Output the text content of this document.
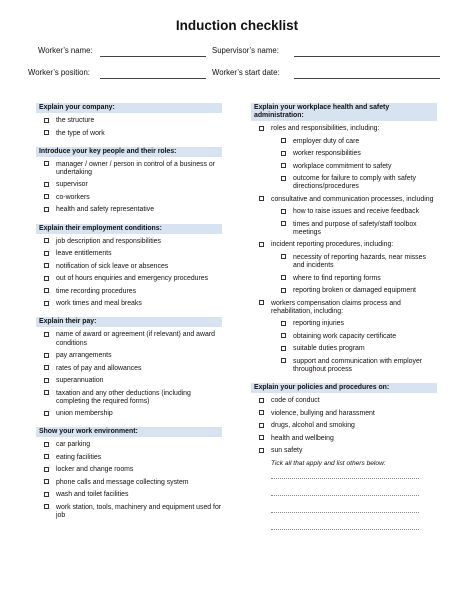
Induction checklist
Worker’s name:	Supervisor’s name:
Worker’s position:	Worker’s start date:
Explain your company:
the structure
the type of work
Introduce your key people and their roles:
manager / owner / person in control of a business or undertaking
supervisor
co-workers
health and safety representative
Explain their employment conditions:
job description and responsibilities
leave entitlements
notification of sick leave or absences
out of hours enquiries and emergency procedures
time recording procedures
work times and meal breaks
Explain their pay:
name of award or agreement (if relevant) and award conditions
pay arrangements
rates of pay and allowances
superannuation
taxation and any other deductions (including completing the required forms)
union membership
Show your work environment:
car parking
eating facilities
locker and change rooms
phone calls and message collecting system
wash and toilet facilities
work station, tools, machinery and equipment used for job
Explain your workplace health and safety administration:
roles and responsibilities, including:
employer duty of care
worker responsibilities
workplace commitment to safety
outcome for failure to comply with safety directions/procedures
consultative and communication processes, including
how to raise issues and receive feedback
times and purpose of safety/staff toolbox meetings
incident reporting procedures, including:
necessity of reporting hazards, near misses and incidents
where to find reporting forms
reporting broken or damaged equipment
workers compensation claims process and rehabilitation, including:
reporting injuries
obtaining work capacity certificate
suitable duties program
support and communication with employer throughout process
Explain your policies and procedures on:
code of conduct
violence, bullying and harassment
drugs, alcohol and smoking
health and wellbeing
sun safety
Tick all that apply and list others below:
